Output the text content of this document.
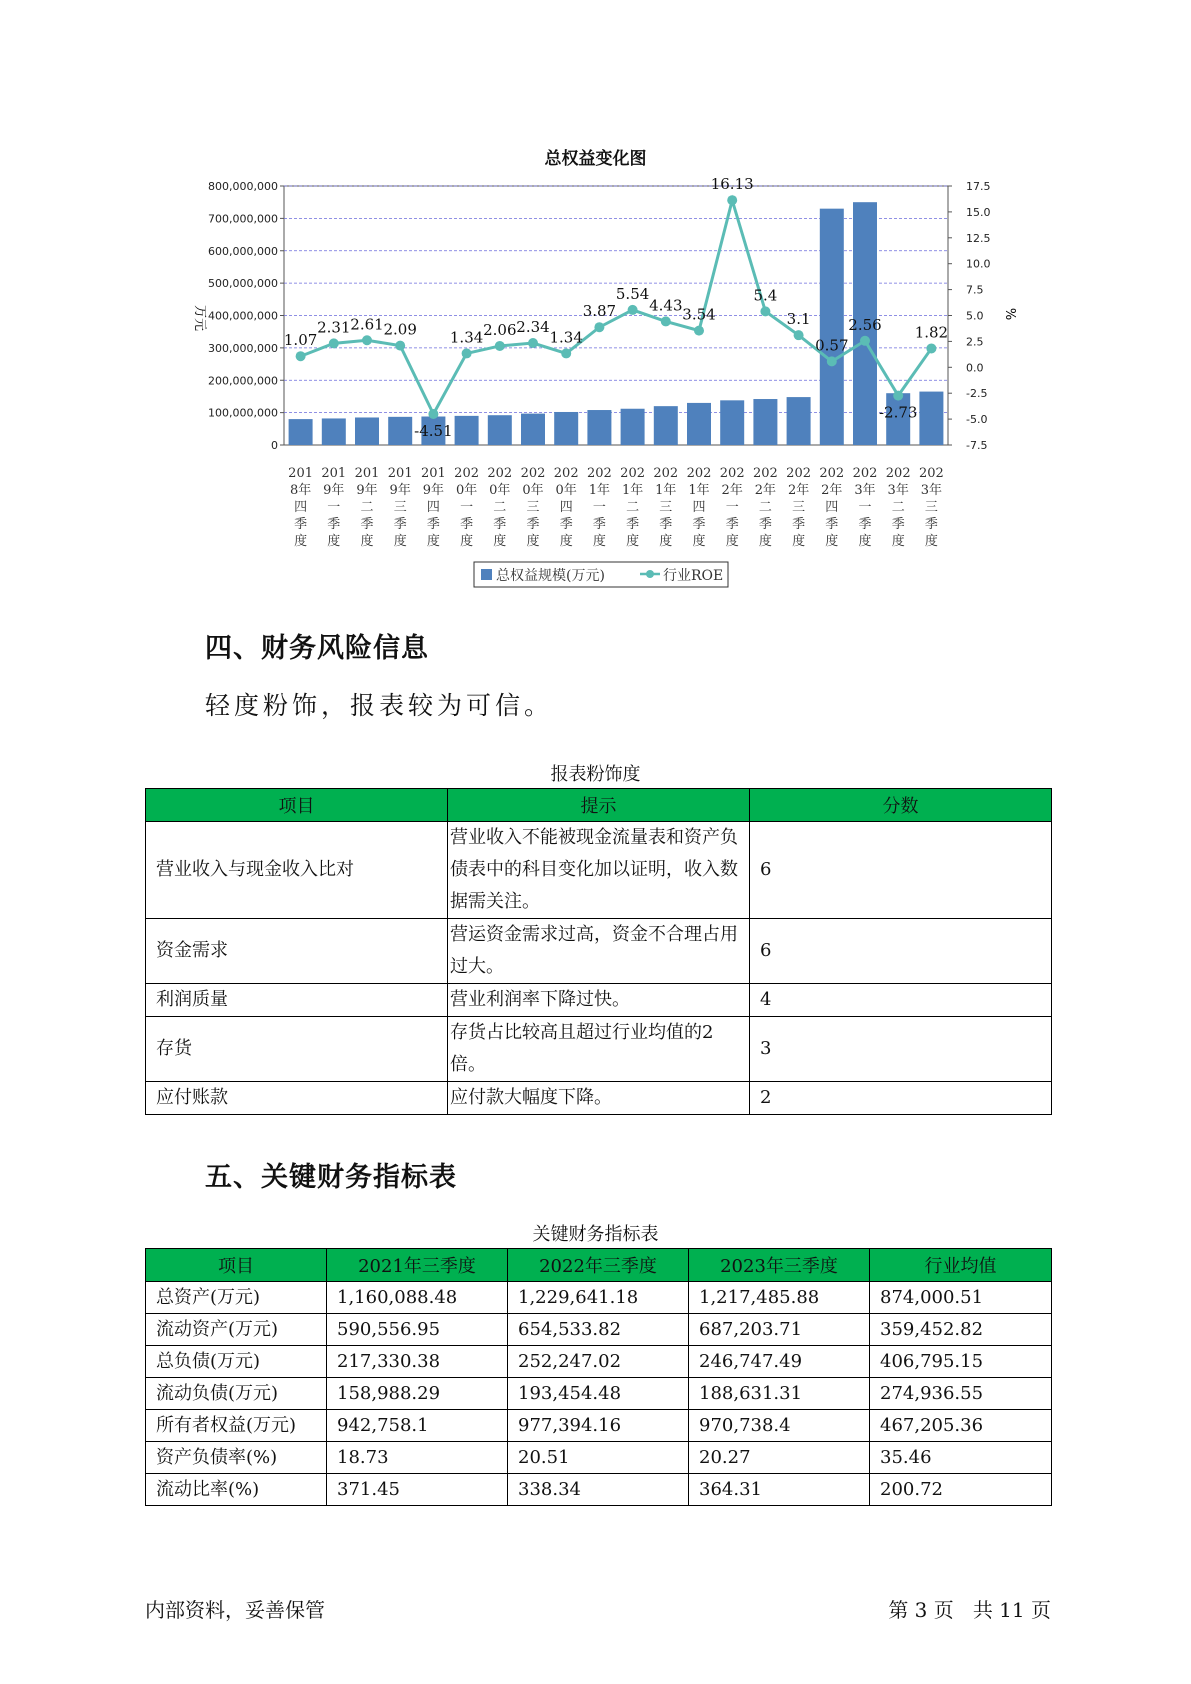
总权益变化图
0
100,000,000
200,000,000
300,000,000
400,000,000
500,000,000
600,000,000
700,000,000
800,000,000
-7.5
-5.0
-2.5
0.0
2.5
5.0
7.5
10.0
12.5
15.0
17.5
万元	%
1.07
2.31 2.61 2.09
-4.51
1.34 2.06 2.34
1.34
3.87
5.54
4.43
3.54
16.13
5.4
3.1
0.57
2.56
-2.73
1.82
201 8年四季度
201 9年一季度
201 9年二季度
201 9年三季度
201 9年四季度
202 0年一季度
202 0年二季度
202 0年三季度
202 0年四季度
202 1年一季度
202 1年二季度
202 1年三季度
202 1年四季度
202 2年一季度
202 2年二季度
202 2年三季度
202 2年四季度
202 3年一季度
202 3年二季度
202 3年三季度
总权益规模(万元)	行业ROE
四、财务风险信息
轻度粉饰，报表较为可信。
报表粉饰度
项目	提示	分数
营业收入与现金收入比对	营业收入不能被现金流量表和资产负债表中的科目变化加以证明，收入数据需关注。	6
资金需求	营运资金需求过高，资金不合理占用过大。	6
利润质量	营业利润率下降过快。	4
存货	存货占比较高且超过行业均值的2倍。	3
应付账款	应付款大幅度下降。	2
五、关键财务指标表
关键财务指标表
项目	2021年三季度	2022年三季度	2023年三季度	行业均值
总资产(万元)	1,160,088.48	1,229,641.18	1,217,485.88	874,000.51
流动资产(万元)	590,556.95	654,533.82	687,203.71	359,452.82
总负债(万元)	217,330.38	252,247.02	246,747.49	406,795.15
流动负债(万元)	158,988.29	193,454.48	188,631.31	274,936.55
所有者权益(万元)	942,758.1	977,394.16	970,738.4	467,205.36
资产负债率(%)	18.73	20.51	20.27	35.46
流动比率(%)	371.45	338.34	364.31	200.72
内部资料，妥善保管	第 3 页   共 11 页
